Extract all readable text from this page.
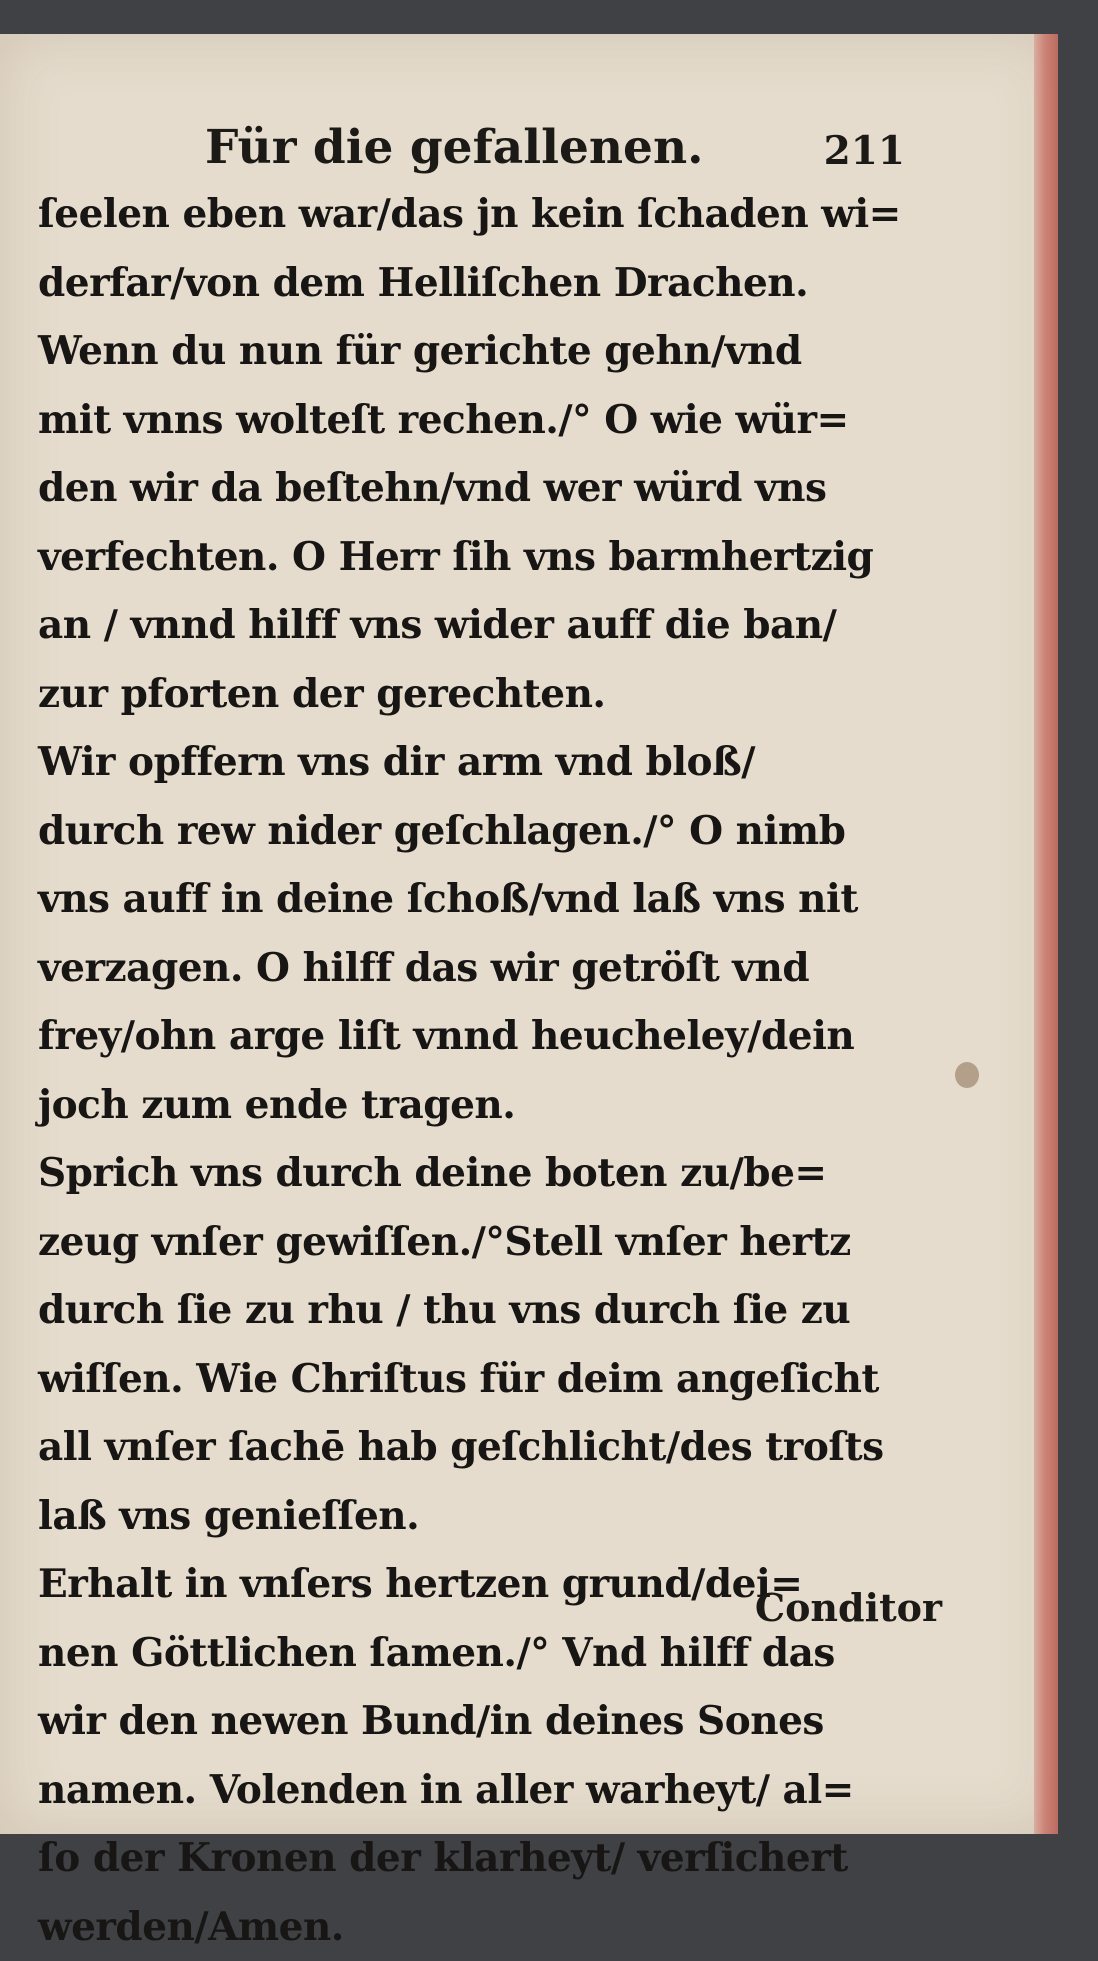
Für die gefallenen.	211
ſeelen eben war/das jn kein ſchaden wi=
derfar/von dem Helliſchen Drachen.
Wenn du nun für gerichte gehn/vnd
mit vnns wolteſt rechen./° O wie wür=
den wir da beſtehn/vnd wer würd vns
verfechten. O Herr ſih vns barmhertzig
an / vnnd hilff vns wider auff die ban/
zur pforten der gerechten.
Wir opffern vns dir arm vnd bloß/
durch rew nider geſchlagen./° O nimb
vns auff in deine ſchoß/vnd laß vns nit
verzagen. O hilff das wir getröſt vnd
frey/ohn arge liſt vnnd heucheley/dein
joch zum ende tragen.
Sprich vns durch deine boten zu/be=
zeug vnſer gewiſſen./°Stell vnſer hertz
durch ſie zu rhu / thu vns durch ſie zu
wiſſen. Wie Chriſtus für deim angeſicht
all vnſer ſachē hab geſchlicht/des troſts
laß vns genieſſen.
Erhalt in vnſers hertzen grund/dei=
nen Göttlichen ſamen./° Vnd hilff das
wir den newen Bund/in deines Sones
namen. Volenden in aller warheyt/ al=
ſo der Kronen der klarheyt/ verſichert
werden/Amen.
Conditor
